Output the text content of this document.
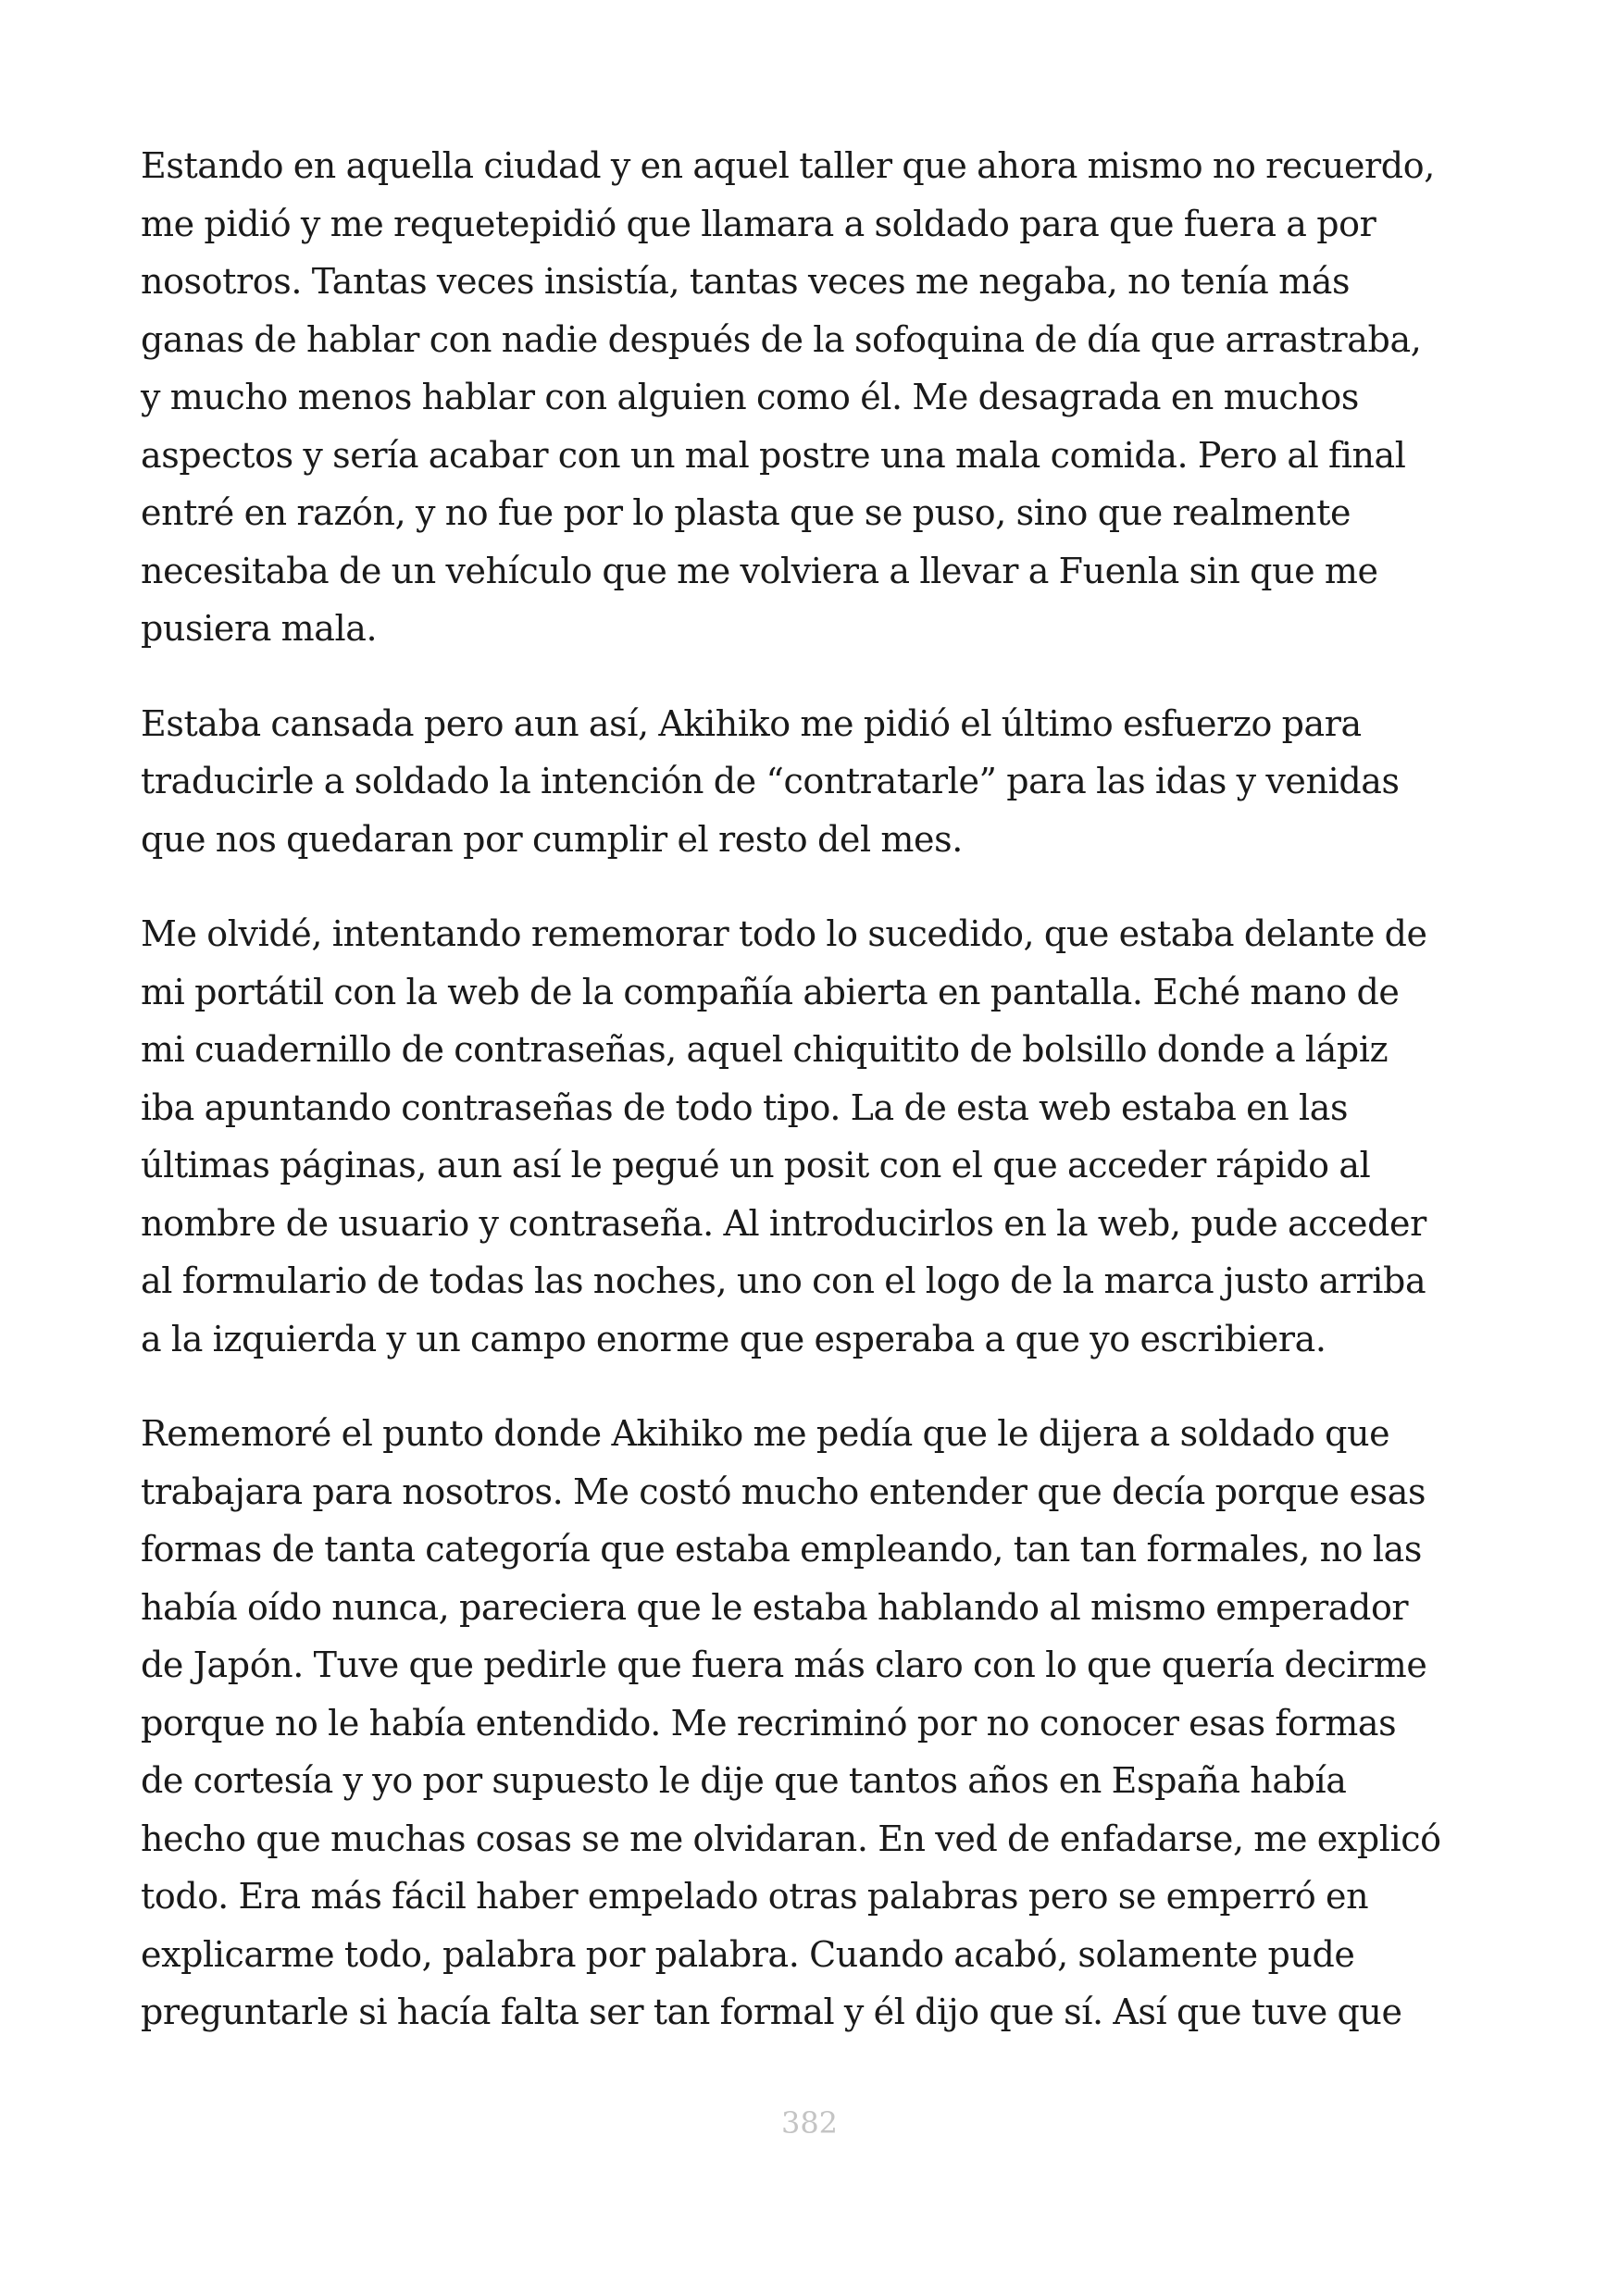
Estando en aquella ciudad y en aquel taller que ahora mismo no recuerdo,
me pidió y me requetepidió que llamara a soldado para que fuera a por
nosotros. Tantas veces insistía, tantas veces me negaba, no tenía más
ganas de hablar con nadie después de la sofoquina de día que arrastraba,
y mucho menos hablar con alguien como él. Me desagrada en muchos
aspectos y sería acabar con un mal postre una mala comida. Pero al final
entré en razón, y no fue por lo plasta que se puso, sino que realmente
necesitaba de un vehículo que me volviera a llevar a Fuenla sin que me
pusiera mala.

Estaba cansada pero aun así, Akihiko me pidió el último esfuerzo para
traducirle a soldado la intención de “contratarle” para las idas y venidas
que nos quedaran por cumplir el resto del mes.

Me olvidé, intentando rememorar todo lo sucedido, que estaba delante de
mi portátil con la web de la compañía abierta en pantalla. Eché mano de
mi cuadernillo de contraseñas, aquel chiquitito de bolsillo donde a lápiz
iba apuntando contraseñas de todo tipo. La de esta web estaba en las
últimas páginas, aun así le pegué un posit con el que acceder rápido al
nombre de usuario y contraseña. Al introducirlos en la web, pude acceder
al formulario de todas las noches, uno con el logo de la marca justo arriba
a la izquierda y un campo enorme que esperaba a que yo escribiera.

Rememoré el punto donde Akihiko me pedía que le dijera a soldado que
trabajara para nosotros. Me costó mucho entender que decía porque esas
formas de tanta categoría que estaba empleando, tan tan formales, no las
había oído nunca, pareciera que le estaba hablando al mismo emperador
de Japón. Tuve que pedirle que fuera más claro con lo que quería decirme
porque no le había entendido. Me recriminó por no conocer esas formas
de cortesía y yo por supuesto le dije que tantos años en España había
hecho que muchas cosas se me olvidaran. En ved de enfadarse, me explicó
todo. Era más fácil haber empelado otras palabras pero se emperró en
explicarme todo, palabra por palabra. Cuando acabó, solamente pude
preguntarle si hacía falta ser tan formal y él dijo que sí. Así que tuve que

382
